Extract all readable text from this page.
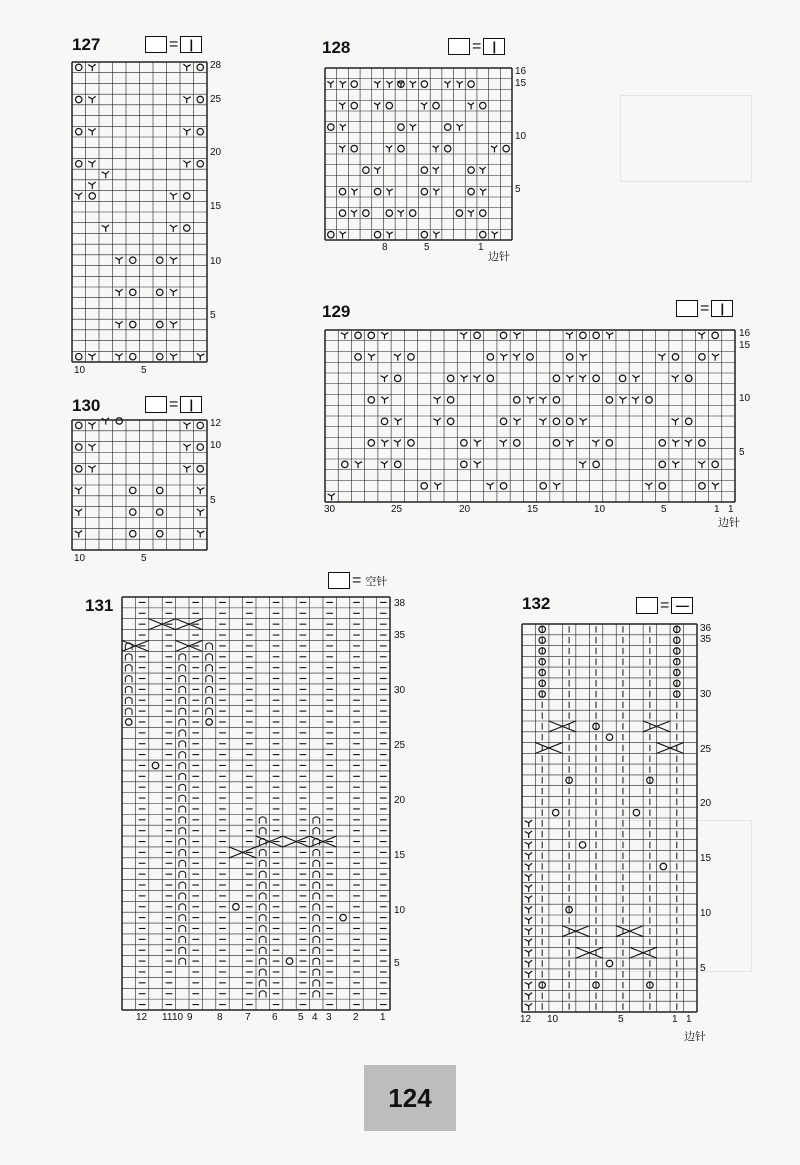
127	= |
28
25
20
15
10
5
10	5
128	= |
16
15
10
5
8	5	1
边针
129	= |
16
15
10
5
30	25	20	15	10	5	1 1
边针
130	= |
12
10
5
10	5
131
= 空针
38
35
30
25
20
15
10
5
12 11 10 9 8 7 6 5 4 3 2 1
132	= —
36
35
30
25
20
15
10
5
12 10	5	1 1
边针
124
